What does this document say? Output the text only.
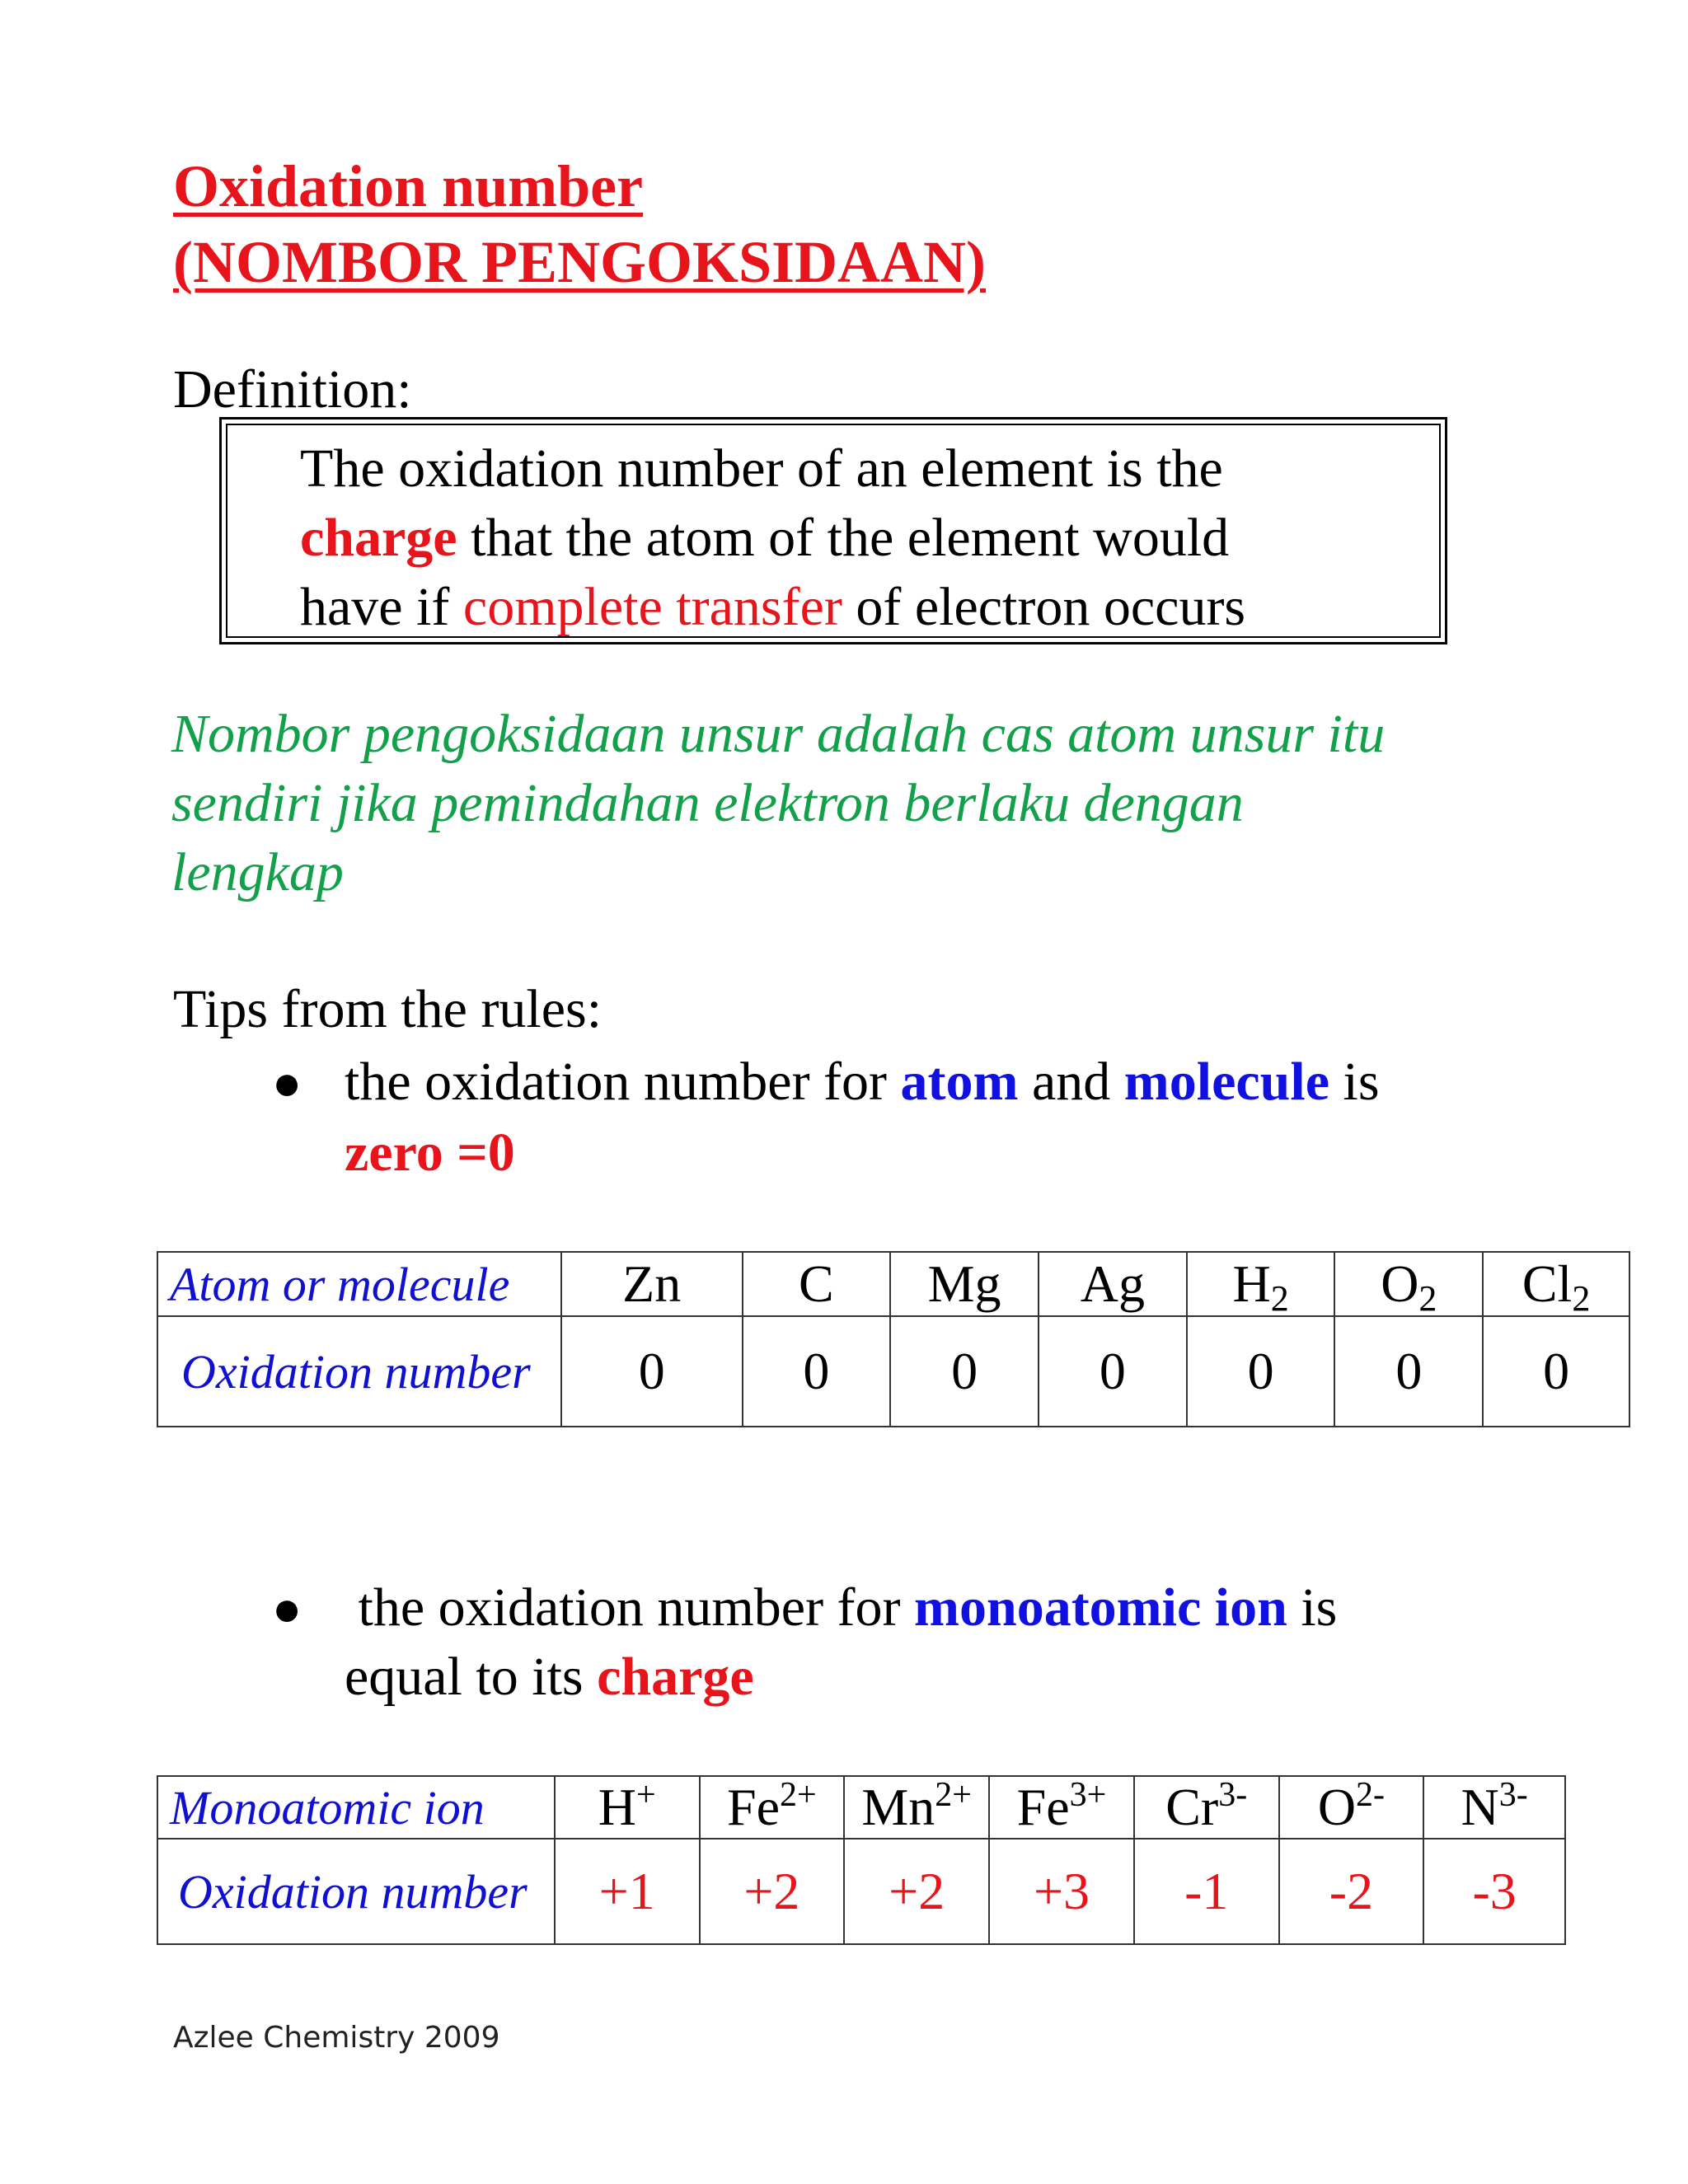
Oxidation number
(NOMBOR PENGOKSIDAAN)
Definition:
The oxidation number of an element is the
charge that the atom of the element would
have if complete transfer of electron occurs
Nombor pengoksidaan unsur adalah cas atom unsur itu
sendiri jika pemindahan elektron berlaku dengan
lengkap
Tips from the rules:
● the oxidation number for atom and molecule is
zero =0
Atom or molecule	Zn	C	Mg	Ag	$H_2$	$O_2$	$Cl_2$
Oxidation number	0	0	0	0	0	0	0
● the oxidation number for monoatomic ion is
equal to its charge
Monoatomic ion	H+	$Fe^{2+}$	$Mn^{2+}$	$Fe^{3+}$	$Cr^{3-}$	$O^{2-}$	$N^{3-}$
Oxidation number	+1	+2	+2	+3	-1	-2	-3
Azlee Chemistry 2009
